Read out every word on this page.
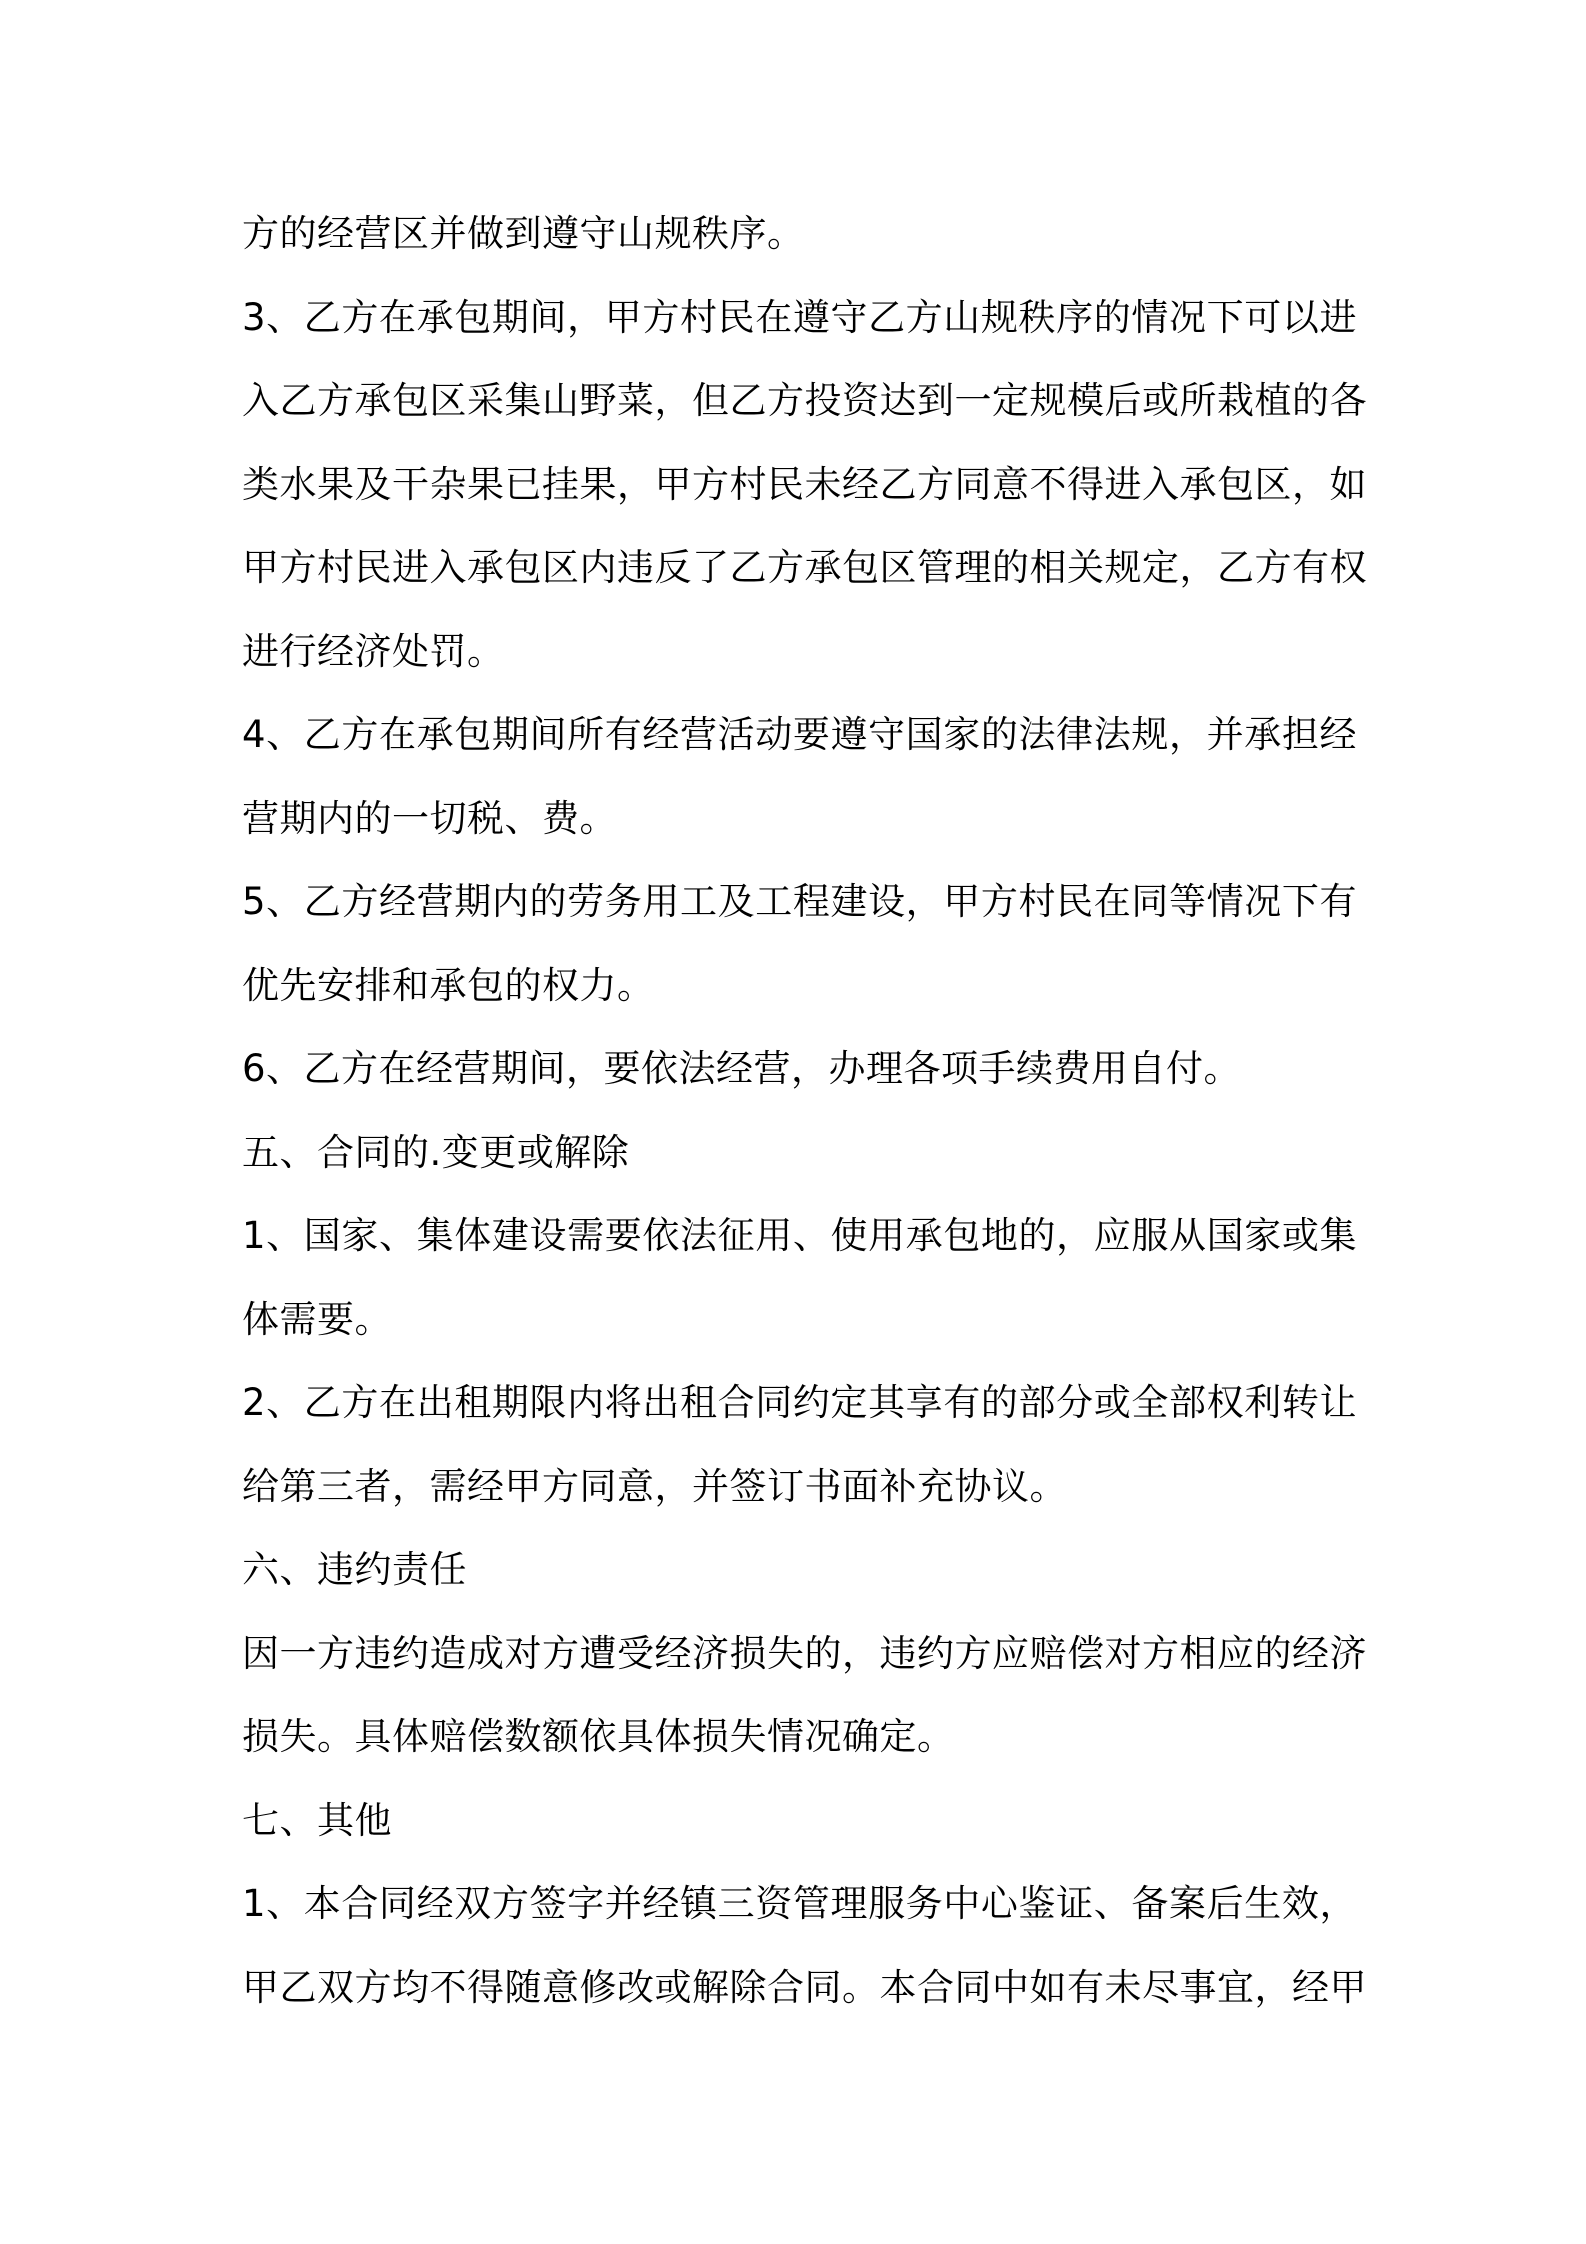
方的经营区并做到遵守山规秩序。
3、乙方在承包期间，甲方村民在遵守乙方山规秩序的情况下可以进
入乙方承包区采集山野菜，但乙方投资达到一定规模后或所栽植的各
类水果及干杂果已挂果，甲方村民未经乙方同意不得进入承包区，如
甲方村民进入承包区内违反了乙方承包区管理的相关规定，乙方有权
进行经济处罚。
4、乙方在承包期间所有经营活动要遵守国家的法律法规，并承担经
营期内的一切税、费。
5、乙方经营期内的劳务用工及工程建设，甲方村民在同等情况下有
优先安排和承包的权力。
6、乙方在经营期间，要依法经营，办理各项手续费用自付。
五、合同的.变更或解除
1、国家、集体建设需要依法征用、使用承包地的，应服从国家或集
体需要。
2、乙方在出租期限内将出租合同约定其享有的部分或全部权利转让
给第三者，需经甲方同意，并签订书面补充协议。
六、违约责任
因一方违约造成对方遭受经济损失的，违约方应赔偿对方相应的经济
损失。具体赔偿数额依具体损失情况确定。
七、其他
1、本合同经双方签字并经镇三资管理服务中心鉴证、备案后生效，
甲乙双方均不得随意修改或解除合同。本合同中如有未尽事宜，经甲
